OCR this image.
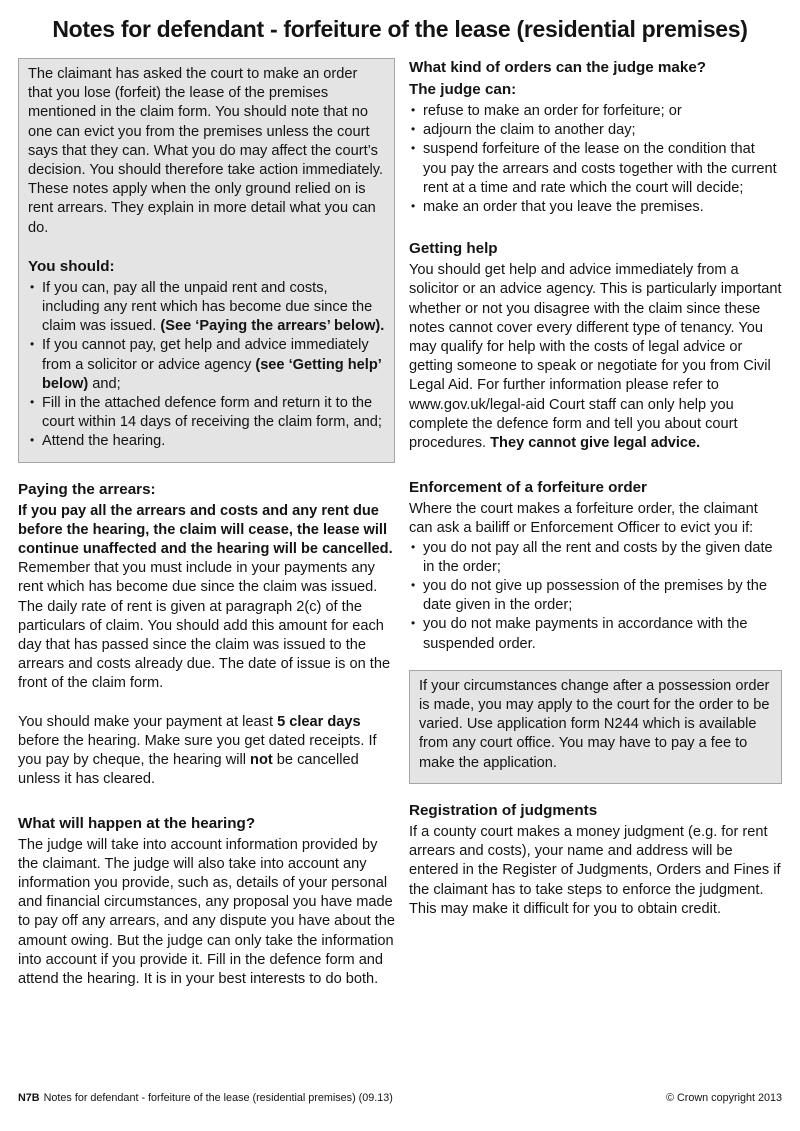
Notes for defendant - forfeiture of the lease (residential premises)

The claimant has asked the court to make an order that you lose (forfeit) the lease of the premises mentioned in the claim form. You should note that no one can evict you from the premises unless the court says that they can. What you do may affect the court’s decision. You should therefore take action immediately. These notes apply when the only ground relied on is rent arrears. They explain in more detail what you can do.

You should:
• If you can, pay all the unpaid rent and costs, including any rent which has become due since the claim was issued. (See ‘Paying the arrears’ below).
• If you cannot pay, get help and advice immediately from a solicitor or advice agency (see ‘Getting help’ below) and;
• Fill in the attached defence form and return it to the court within 14 days of receiving the claim form, and;
• Attend the hearing.
Paying the arrears:

If you pay all the arrears and costs and any rent due before the hearing, the claim will cease, the lease will continue unaffected and the hearing will be cancelled. Remember that you must include in your payments any rent which has become due since the claim was issued. The daily rate of rent is given at paragraph 2(c) of the particulars of claim. You should add this amount for each day that has passed since the claim was issued to the arrears and costs already due. The date of issue is on the front of the claim form.

You should make your payment at least 5 clear days before the hearing. Make sure you get dated receipts. If you pay by cheque, the hearing will not be cancelled unless it has cleared.

What will happen at the hearing?

The judge will take into account information provided by the claimant. The judge will also take into account any information you provide, such as, details of your personal and financial circumstances, any proposal you have made to pay off any arrears, and any dispute you have about the amount owing. But the judge can only take the information into account if you provide it. Fill in the defence form and attend the hearing. It is in your best interests to do both.

What kind of orders can the judge make?
The judge can:
• refuse to make an order for forfeiture; or
• adjourn the claim to another day;
• suspend forfeiture of the lease on the condition that you pay the arrears and costs together with the current rent at a time and rate which the court will decide;
• make an order that you leave the premises.
Getting help

You should get help and advice immediately from a solicitor or an advice agency. This is particularly important whether or not you disagree with the claim since these notes cannot cover every different type of tenancy. You may qualify for help with the costs of legal advice or getting someone to speak or negotiate for you from Civil Legal Aid. For further information please refer to www.gov.uk/legal-aid Court staff can only help you complete the defence form and tell you about court procedures. They cannot give legal advice.

Enforcement of a forfeiture order

Where the court makes a forfeiture order, the claimant can ask a bailiff or Enforcement Officer to evict you if:

• you do not pay all the rent and costs by the given date in the order;
• you do not give up possession of the premises by the date given in the order;
• you do not make payments in accordance with the suspended order.

If your circumstances change after a possession order is made, you may apply to the court for the order to be varied. Use application form N244 which is available from any court office. You may have to pay a fee to make the application.

Registration of judgments

If a county court makes a money judgment (e.g. for rent arrears and costs), your name and address will be entered in the Register of Judgments, Orders and Fines if the claimant has to take steps to enforce the judgment. This may make it difficult for you to obtain credit.

N7B Notes for defendant - forfeiture of the lease (residential premises) (09.13)	© Crown copyright 2013
